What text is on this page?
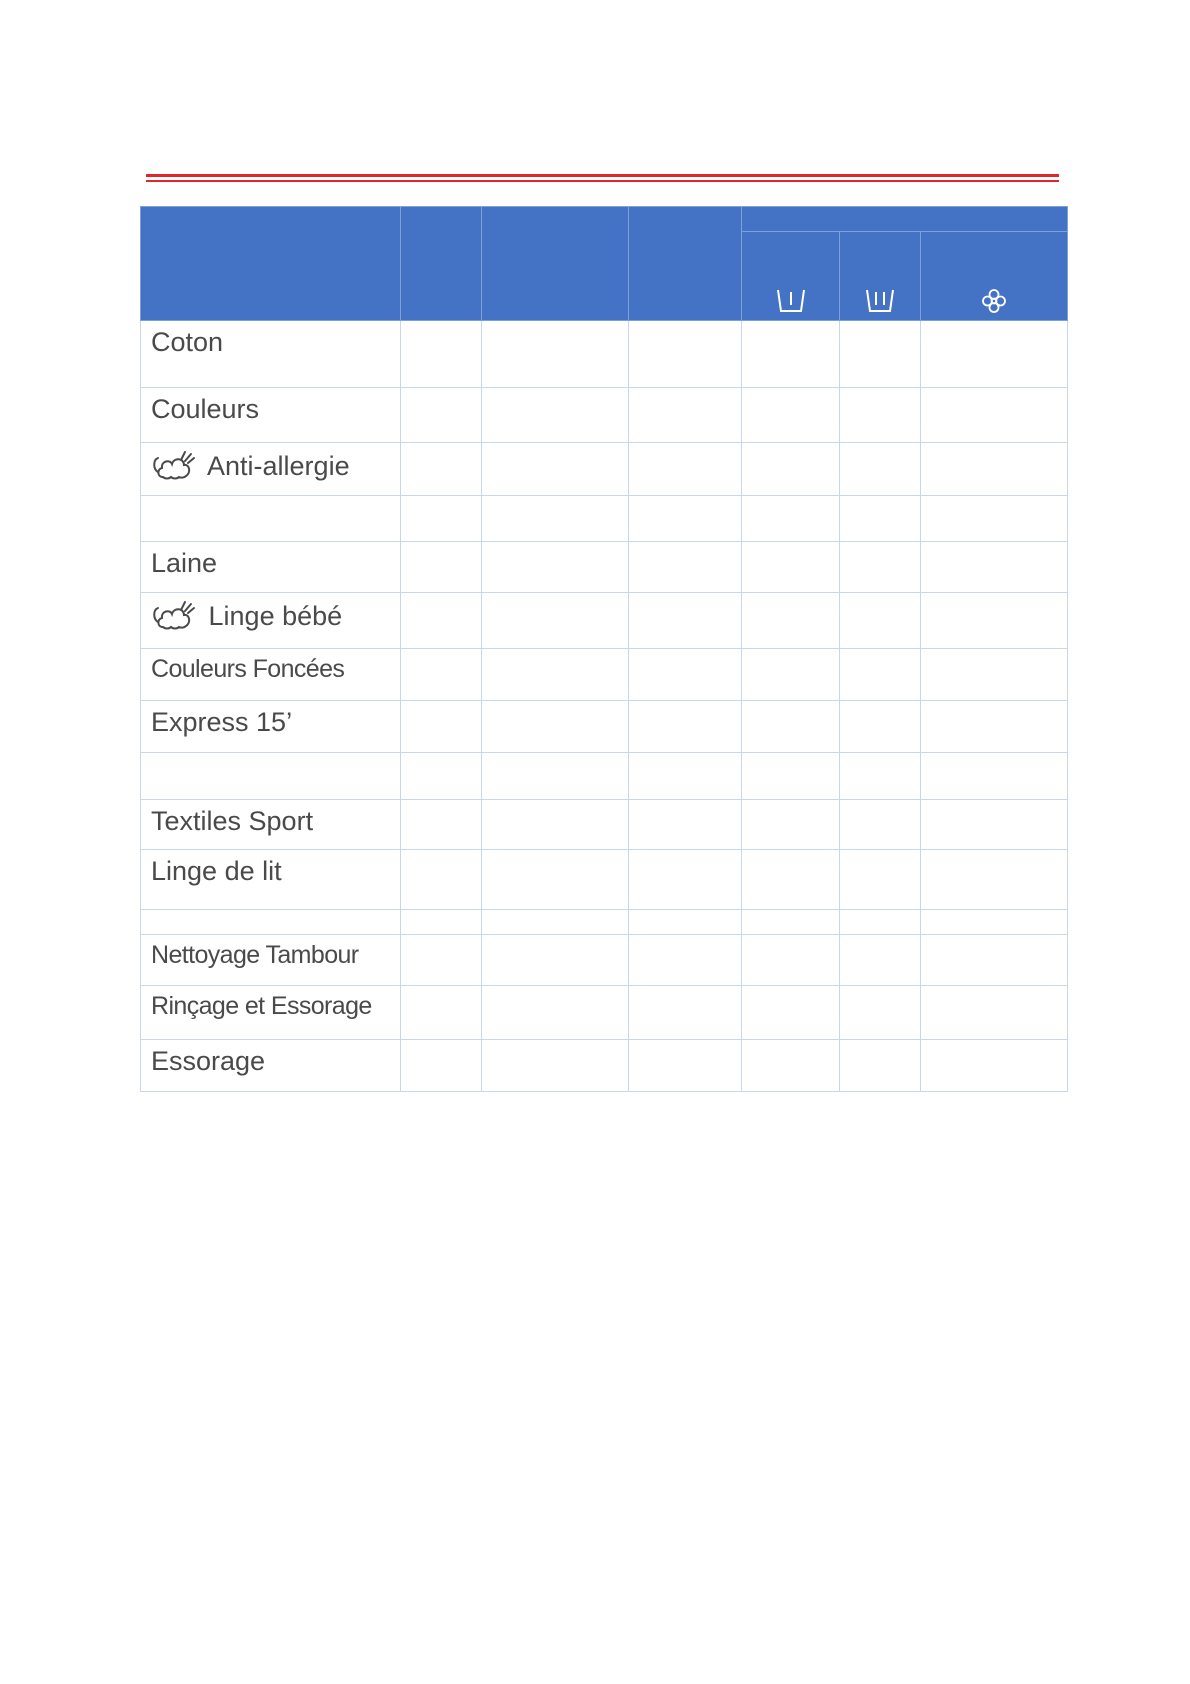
Coton						
Couleurs						
Anti-allergie						

Laine						
Linge bébé						
Couleurs Foncées						
Express 15’						

Textiles Sport						
Linge de lit						

Nettoyage Tambour						
Rinçage et Essorage						
Essorage						
